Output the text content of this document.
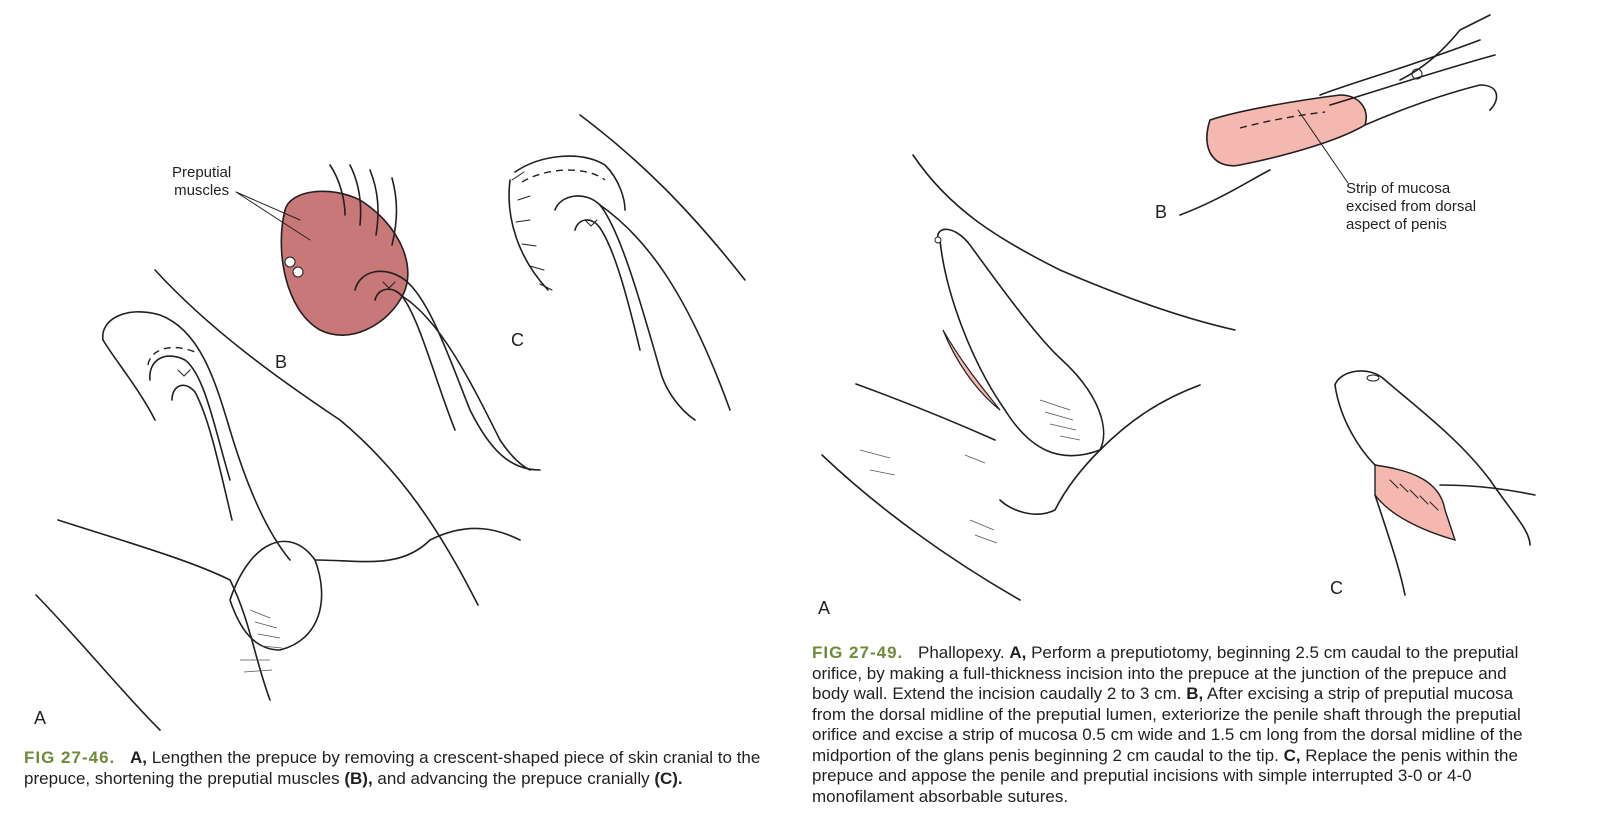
A
B
C
Preputial
muscles
FIG 27-46. A, Lengthen the prepuce by removing a crescent-shaped piece of skin cranial to the prepuce, shortening the preputial muscles (B), and advancing the prepuce cranially (C).
A
B
C
Strip of mucosa
excised from dorsal
aspect of penis
FIG 27-49. Phallopexy. A, Perform a preputiotomy, beginning 2.5 cm caudal to the preputial orifice, by making a full-thickness incision into the prepuce at the junction of the prepuce and body wall. Extend the incision caudally 2 to 3 cm. B, After excising a strip of preputial mucosa from the dorsal midline of the preputial lumen, exteriorize the penile shaft through the preputial orifice and excise a strip of mucosa 0.5 cm wide and 1.5 cm long from the dorsal midline of the midportion of the glans penis beginning 2 cm caudal to the tip. C, Replace the penis within the prepuce and appose the penile and preputial incisions with simple interrupted 3-0 or 4-0 monofilament absorbable sutures.
